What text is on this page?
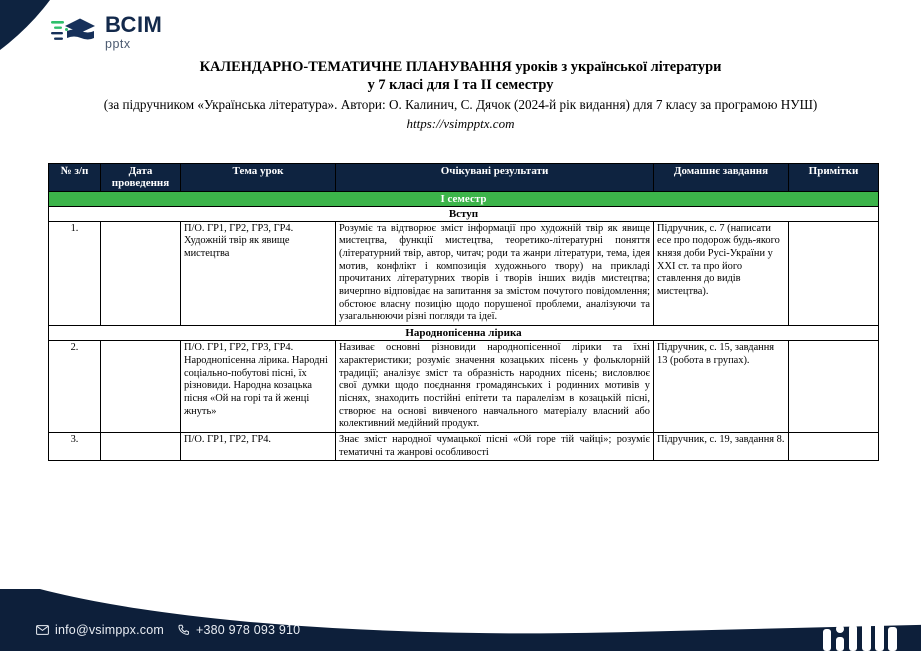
ВСІМ
pptx
КАЛЕНДАРНО-ТЕМАТИЧНЕ ПЛАНУВАННЯ уроків з української літератури
у 7 класі для I та II семестру
(за підручником «Українська література». Автори: О. Калинич, С. Дячок (2024-й рік видання) для 7 класу за програмою НУШ)
https://vsimpptx.com
№ з/п	Дата проведення	Тема урок	Очікувані результати	Домашнє завдання	Примітки
І семестр					
Вступ					
1.		П/О. ГР1, ГР2, ГР3, ГР4. Художній твір як явище мистецтва	Розуміє та відтворює зміст інформації про художній твір як явище мистецтва, функції мистецтва, теоретико-літературні поняття (літературний твір, автор, читач; роди та жанри літератури, тема, ідея мотив, конфлікт і композиція художнього твору) на прикладі прочитаних літературних творів і творів інших видів мистецтва; вичерпно відповідає на запитання за змістом почутого повідомлення; обстоює власну позицію щодо порушеної проблеми, аналізуючи та узагальнюючи різні погляди та ідеї.	Підручник, с. 7 (написати есе про подорож будь-якого князя доби Русі-України у XXI ст. та про його ставлення до видів мистецтва).	
Народнопісенна лірика					
2.		П/О. ГР1, ГР2, ГР3, ГР4. Народнопісенна лірика. Народні соціально-побутові пісні, їх різновиди. Народна козацька пісня «Ой на горі та й женці жнуть»	Називає основні різновиди народнопісенної лірики та їхні характеристики; розуміє значення козацьких пісень у фольклорній традиції; аналізує зміст та образність народних пісень; висловлює свої думки щодо поєднання громадянських і родинних мотивів у піснях, знаходить постійні епітети та паралелізм в козацькій пісні, створює на основі вивченого навчального матеріалу власний або колективний медійний продукт.	Підручник, с. 15, завдання 13 (робота в групах).	
3.		П/О. ГР1, ГР2, ГР4.	Знає зміст народної чумацької пісні «Ой горе тій чайці»; розуміє тематичні та жанрові особливості	Підручник, с. 19, завдання 8.	
info@vsimppx.com	+380 978 093 910
